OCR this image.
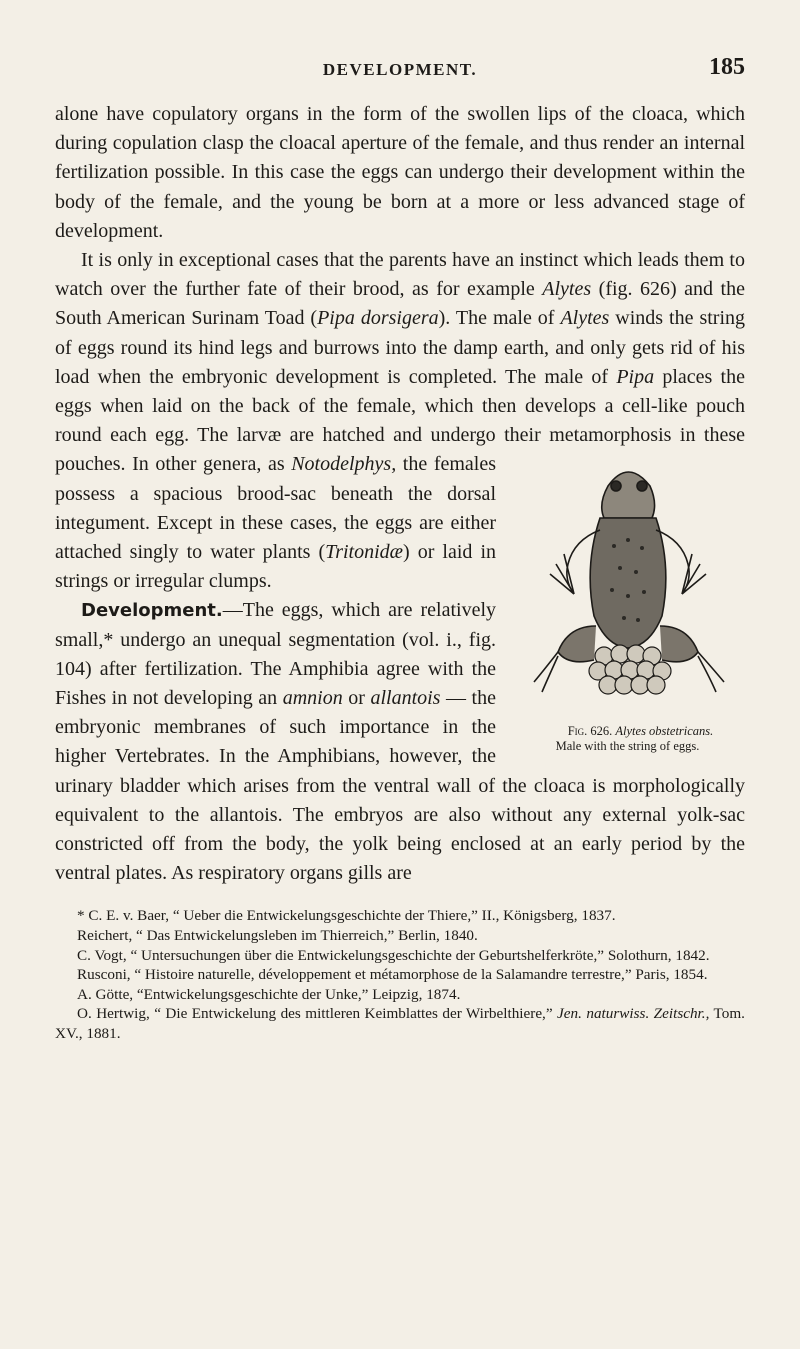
DEVELOPMENT.	185

alone have copulatory organs in the form of the swollen lips of the cloaca, which during copulation clasp the cloacal aperture of the female, and thus render an internal fertilization possible. In this case the eggs can undergo their development within the body of the female, and the young be born at a more or less advanced stage of development.

It is only in exceptional cases that the parents have an instinct which leads them to watch over the further fate of their brood, as for example Alytes (fig. 626) and the South American Surinam Toad (Pipa dorsigera). The male of Alytes winds the string of eggs round its hind legs and burrows into the damp earth, and only gets rid of his load when the embryonic development is completed. The male of Pipa places the eggs when laid on the back of the female, which then develops a cell-like pouch round each egg. The larvæ are hatched and undergo their metamorphosis in these pouches. In other genera, as
Fig. 626. Alytes obstetricans.
Male with the string of eggs.
Notodelphys, the females possess a spacious brood-sac beneath the dorsal integument. Except in these cases, the eggs are either attached singly to water plants (Tritonidæ) or laid in strings or irregular clumps.

Development.—The eggs, which are relatively small,* undergo an unequal segmentation (vol. i., fig. 104) after fertilization. The Amphibia agree with the Fishes in not developing an amnion or allantois — the embryonic membranes of such importance in the higher Vertebrates. In the Amphibians, however, the urinary bladder which arises from the ventral wall of the cloaca is morphologically equivalent to the allantois. The embryos are also without any external yolk-sac constricted off from the body, the yolk being enclosed at an early period by the ventral plates. As respiratory organs gills are

* C. E. v. Baer, “ Ueber die Entwickelungsgeschichte der Thiere,” II., Königsberg, 1837.

Reichert, “ Das Entwickelungsleben im Thierreich,” Berlin, 1840.

C. Vogt, “ Untersuchungen über die Entwickelungsgeschichte der Geburtshelferkröte,” Solothurn, 1842.

Rusconi, “ Histoire naturelle, développement et métamorphose de la Salamandre terrestre,” Paris, 1854.

A. Götte, “Entwickelungsgeschichte der Unke,” Leipzig, 1874.

O. Hertwig, “ Die Entwickelung des mittleren Keimblattes der Wirbelthiere,” Jen. naturwiss. Zeitschr., Tom. XV., 1881.
